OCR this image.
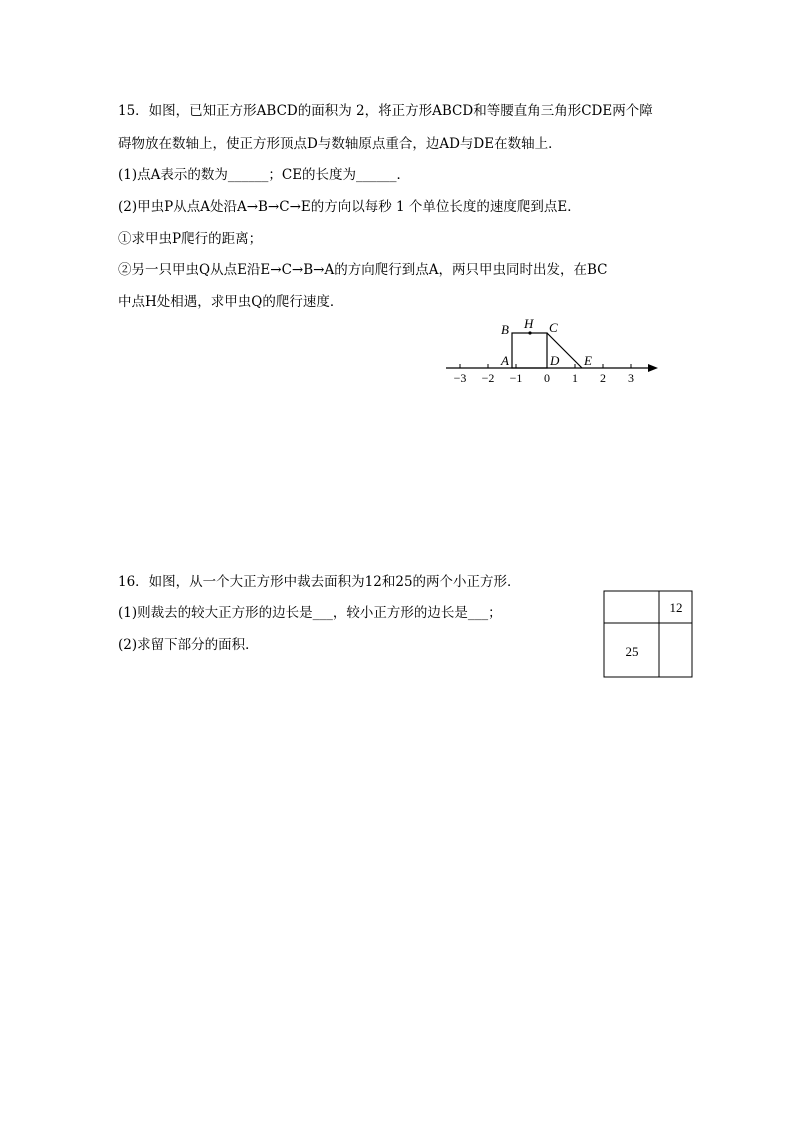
15．如图，已知正方形ABCD的面积为 2，将正方形ABCD和等腰直角三角形CDE两个障
碍物放在数轴上，使正方形顶点D与数轴原点重合，边AD与DE在数轴上．
(1)点A表示的数为______；CE的长度为______．
(2)甲虫P从点A处沿A→B→C→E的方向以每秒 1 个单位长度的速度爬到点E．
①求甲虫P爬行的距离；
②另一只甲虫Q从点E沿E→C→B→A的方向爬行到点A，两只甲虫同时出发，在BC
中点H处相遇，求甲虫Q的爬行速度．
B H C
A	D E
−3 −2 −1 0 1 2 3
16．如图，从一个大正方形中裁去面积为12和25的两个小正方形．
(1)则裁去的较大正方形的边长是___，较小正方形的边长是___；
(2)求留下部分的面积．
12
25
